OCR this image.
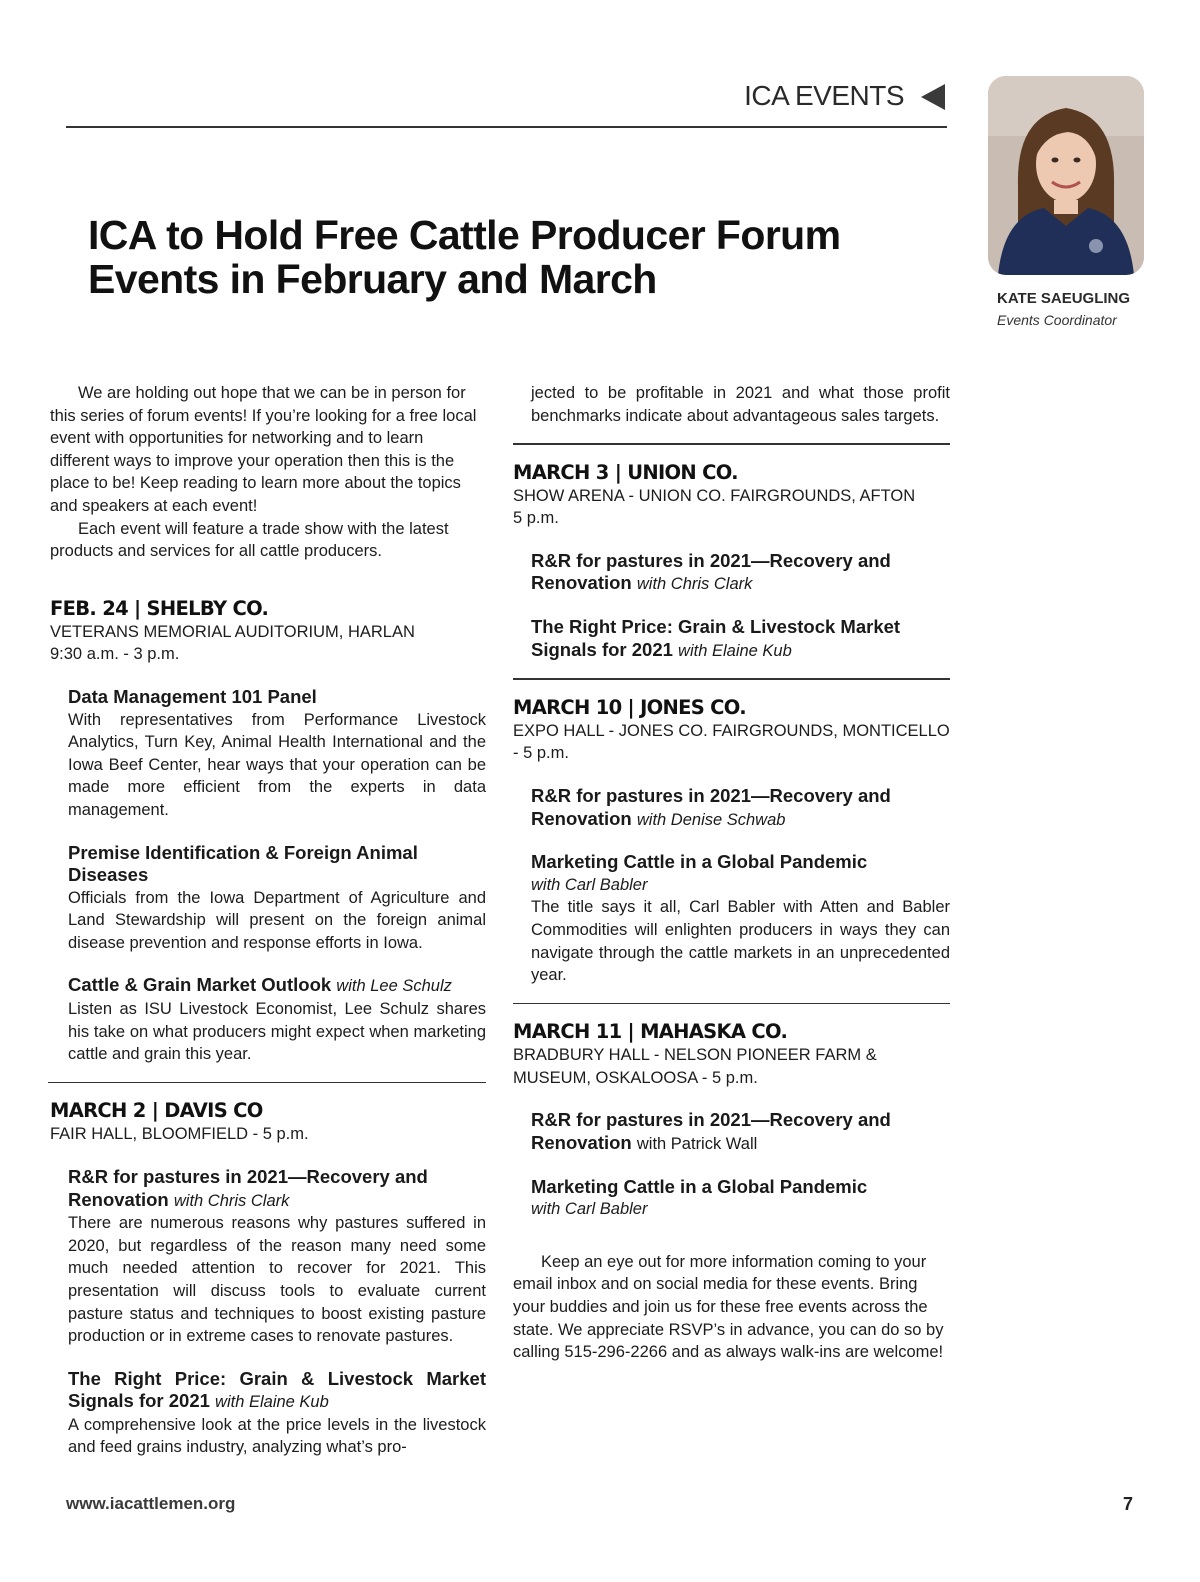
ICA EVENTS
KATE SAEUGLING
Events Coordinator
ICA to Hold Free Cattle Producer Forum Events in February and March

We are holding out hope that we can be in person for this series of forum events! If you’re looking for a free local event with opportunities for networking and to learn different ways to improve your operation then this is the place to be! Keep reading to learn more about the topics and speakers at each event!

Each event will feature a trade show with the latest products and services for all cattle producers.

FEB. 24 | SHELBY CO.
VETERANS MEMORIAL AUDITORIUM, HARLAN
9:30 a.m. - 3 p.m.
Data Management 101 Panel

With representatives from Performance Livestock Analytics, Turn Key, Animal Health International and the Iowa Beef Center, hear ways that your operation can be made more efficient from the experts in data management.

Premise Identification & Foreign Animal Diseases

Officials from the Iowa Department of Agriculture and Land Stewardship will present on the foreign animal disease prevention and response efforts in Iowa.

Cattle & Grain Market Outlook with Lee Schulz

Listen as ISU Livestock Economist, Lee Schulz shares his take on what producers might expect when marketing cattle and grain this year.

MARCH 2 | DAVIS CO
FAIR HALL, BLOOMFIELD - 5 p.m.
R&R for pastures in 2021—Recovery and Renovation with Chris Clark

There are numerous reasons why pastures suffered in 2020, but regardless of the reason many need some much needed attention to recover for 2021. This presentation will discuss tools to evaluate current pasture status and techniques to boost existing pasture production or in extreme cases to renovate pastures.

The Right Price: Grain & Livestock Market Signals for 2021 with Elaine Kub

A comprehensive look at the price levels in the livestock and feed grains industry, analyzing what’s pro-

jected to be profitable in 2021 and what those profit benchmarks indicate about advantageous sales targets.

MARCH 3 | UNION CO.
SHOW ARENA - UNION CO. FAIRGROUNDS, AFTON
5 p.m.
R&R for pastures in 2021—Recovery and Renovation with Chris Clark
The Right Price: Grain & Livestock Market Signals for 2021 with Elaine Kub
MARCH 10 | JONES CO.
EXPO HALL - JONES CO. FAIRGROUNDS, MONTICELLO - 5 p.m.
R&R for pastures in 2021—Recovery and Renovation with Denise Schwab
Marketing Cattle in a Global Pandemic
with Carl Babler

The title says it all, Carl Babler with Atten and Babler Commodities will enlighten producers in ways they can navigate through the cattle markets in an unprecedented year.

MARCH 11 | MAHASKA CO.
BRADBURY HALL - NELSON PIONEER FARM & MUSEUM, OSKALOOSA - 5 p.m.
R&R for pastures in 2021—Recovery and Renovation with Patrick Wall
Marketing Cattle in a Global Pandemic
with Carl Babler

Keep an eye out for more information coming to your email inbox and on social media for these events. Bring your buddies and join us for these free events across the state. We appreciate RSVP’s in advance, you can do so by calling 515-296-2266 and as always walk-ins are welcome!

www.iacattlemen.org	7
